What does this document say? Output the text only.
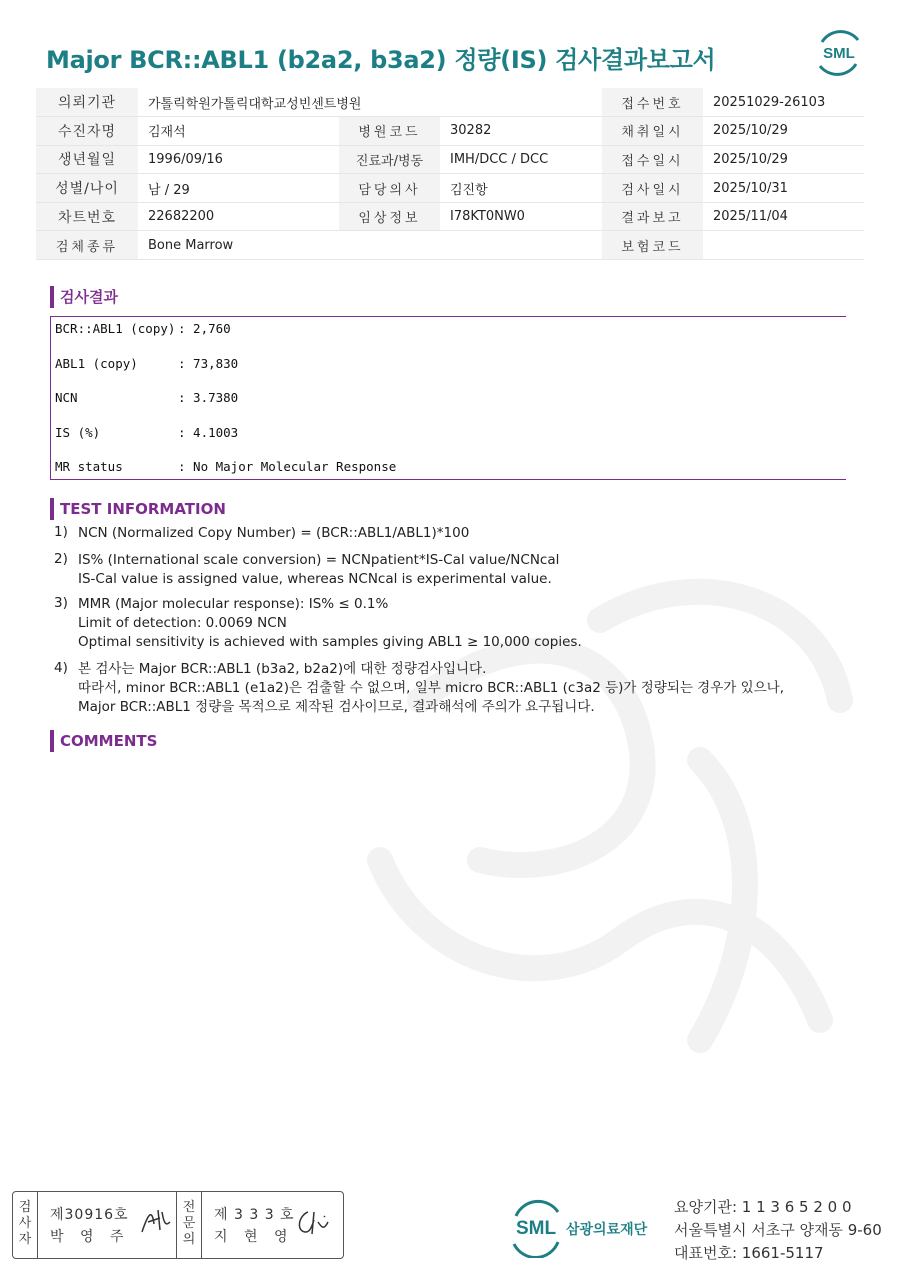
Major BCR::ABL1 (b2a2, b3a2) 정량(IS) 검사결과보고서	SML
의뢰기관	가톨릭학원가톨릭대학교성빈센트병원			접수번호	20251029-26103
수진자명	김재석	병원코드	30282	채취일시	2025/10/29
생년월일	1996/09/16	진료과/병동	IMH/DCC / DCC	접수일시	2025/10/29
성별/나이	남 / 29	담당의사	김진항	검사일시	2025/10/31
차트번호	22682200	임상정보	I78KT0NW0	결과보고	2025/11/04
검체종류	Bone Marrow			보험코드	
검사결과
BCR::ABL1 (copy) : 2,760
ABL1 (copy)	: 73,830
NCN	: 3.7380
IS (%)	: 4.1003
MR status	: No Major Molecular Response
TEST INFORMATION
1) NCN (Normalized Copy Number) = (BCR::ABL1/ABL1)*100
2) IS% (International scale conversion) = NCNpatient*IS-Cal value/NCNcal
IS-Cal value is assigned value, whereas NCNcal is experimental value.
3) MMR (Major molecular response): IS% ≤ 0.1%
Limit of detection: 0.0069 NCN
Optimal sensitivity is achieved with samples giving ABL1 ≥ 10,000 copies.
4) 본 검사는 Major BCR::ABL1 (b3a2, b2a2)에 대한 정량검사입니다.
따라서, minor BCR::ABL1 (e1a2)은 검출할 수 없으며, 일부 micro BCR::ABL1 (c3a2 등)가 정량되는 경우가 있으나,
Major BCR::ABL1 정량을 목적으로 제작된 검사이므로, 결과해석에 주의가 요구됩니다.
COMMENTS
검
사
자
제30916호
박 영 주
전
문
의
제 3 3 3 호
지 현 영	SML 삼광의료재단
요양기관: 1 1 3 6 5 2 0 0
서울특별시 서초구 양재동 9-60
대표번호: 1661-5117
